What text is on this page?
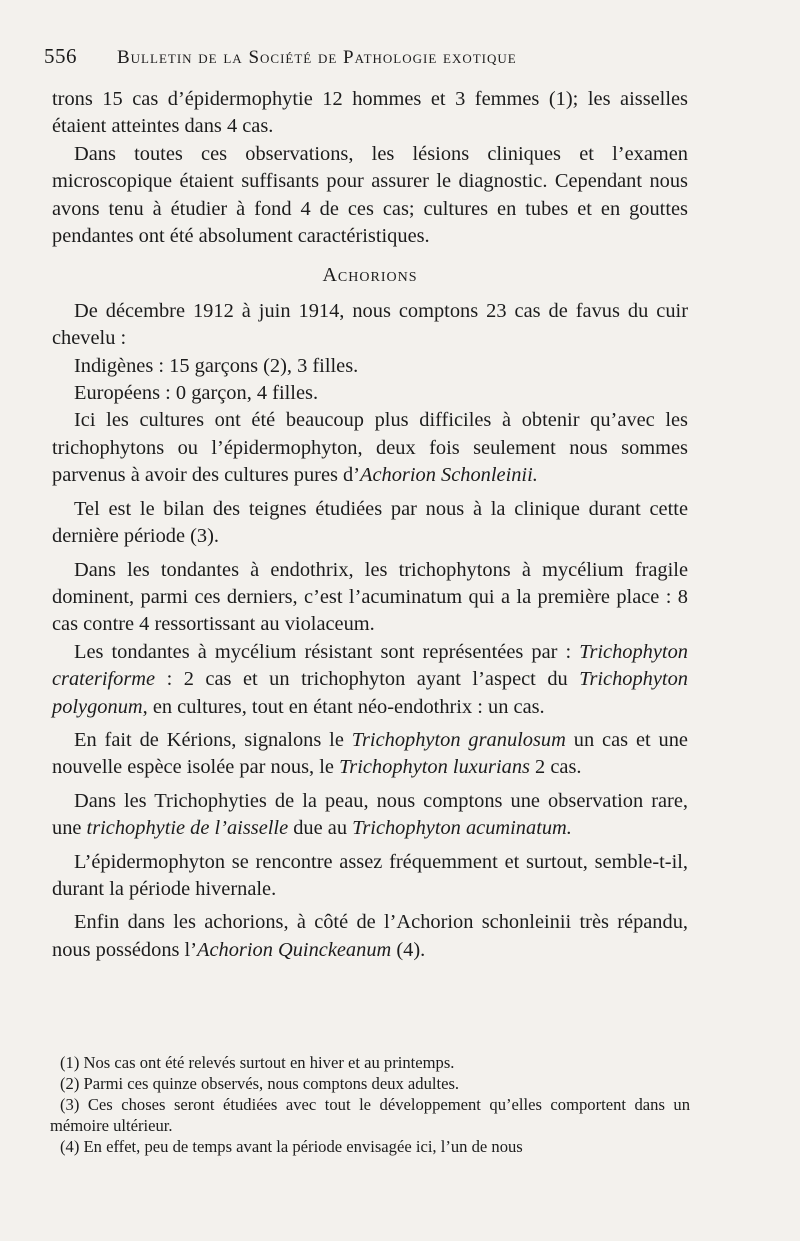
556 Bulletin de la Société de Pathologie exotique

trons 15 cas d’épidermophytie 12 hommes et 3 femmes (1); les aisselles étaient atteintes dans 4 cas.

Dans toutes ces observations, les lésions cliniques et l’examen microscopique étaient suffisants pour assurer le diagnostic. Cependant nous avons tenu à étudier à fond 4 de ces cas; cultures en tubes et en gouttes pendantes ont été absolument caractéristiques.

Achorions

De décembre 1912 à juin 1914, nous comptons 23 cas de favus du cuir chevelu :

Indigènes : 15 garçons (2), 3 filles.

Européens : 0 garçon, 4 filles.

Ici les cultures ont été beaucoup plus difficiles à obtenir qu’avec les trichophytons ou l’épidermophyton, deux fois seulement nous sommes parvenus à avoir des cultures pures d’Achorion Schonleinii.

Tel est le bilan des teignes étudiées par nous à la clinique durant cette dernière période (3).

Dans les tondantes à endothrix, les trichophytons à mycélium fragile dominent, parmi ces derniers, c’est l’acuminatum qui a la première place : 8 cas contre 4 ressortissant au violaceum.

Les tondantes à mycélium résistant sont représentées par : Trichophyton crateriforme : 2 cas et un trichophyton ayant l’aspect du Trichophyton polygonum, en cultures, tout en étant néo-endothrix : un cas.

En fait de Kérions, signalons le Trichophyton granulosum un cas et une nouvelle espèce isolée par nous, le Trichophyton luxurians 2 cas.

Dans les Trichophyties de la peau, nous comptons une observation rare, une trichophytie de l’aisselle due au Trichophyton acuminatum.

L’épidermophyton se rencontre assez fréquemment et surtout, semble-t-il, durant la période hivernale.

Enfin dans les achorions, à côté de l’Achorion schonleinii très répandu, nous possédons l’Achorion Quinckeanum (4).

(1) Nos cas ont été relevés surtout en hiver et au printemps.

(2) Parmi ces quinze observés, nous comptons deux adultes.

(3) Ces choses seront étudiées avec tout le développement qu’elles comportent dans un mémoire ultérieur.

(4) En effet, peu de temps avant la période envisagée ici, l’un de nous
